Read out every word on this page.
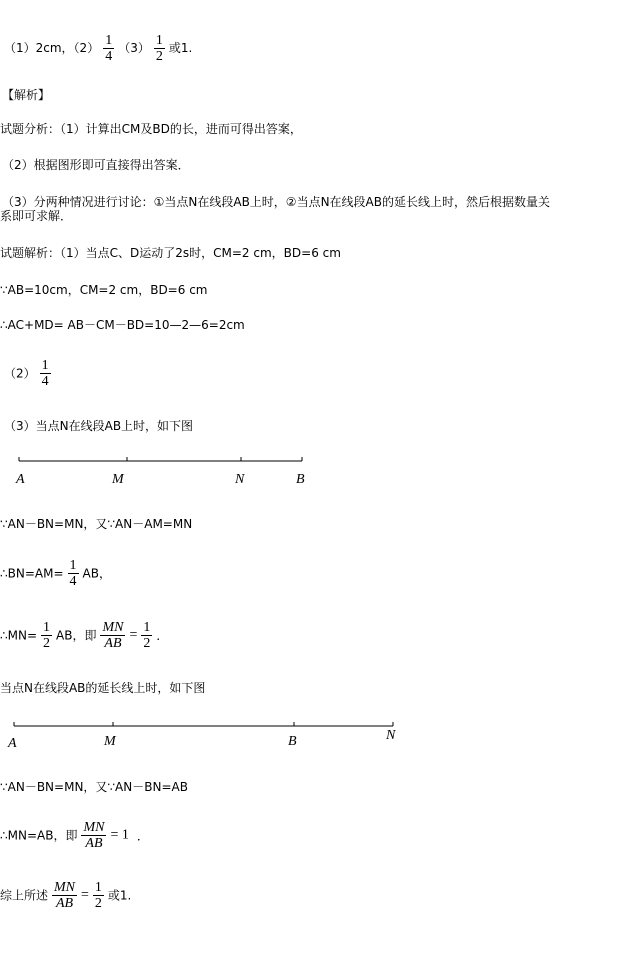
（1）2cm，$(2) \frac{1}{4} (3) \frac{1}{2}$ 或1.
【解析】
试题分析：（1）计算出CM及BD的长，进而可得出答案，
（2）根据图形即可直接得出答案．
（3）分两种情况进行讨论：①当点N在线段AB上时，②当点N在线段AB的延长线上时，然后根据数量关
系即可求解．
试题解析：（1）当点C、D运动了2s时，CM=2 cm，BD=6 cm
∵AB=10cm，CM=2 cm，BD=6 cm
∴AC+MD= AB－CM－BD=10—2—6=2cm
$(2) \frac{1}{4}$
（3）当点N在线段AB上时，如下图
A	M	N	B
∵AN－BN=MN，又∵AN－AM=MN
∴BN=AM= $\frac{1}{4}$ AB，
∴MN= $\frac{1}{2}$ AB，即 $\frac{MN}{AB} = \frac{1}{2}$ ．
当点N在线段AB的延长线上时，如下图
A	M	B	N
∵AN－BN=MN，又∵AN－BN=AB
∴MN=AB，即 $\frac{MN}{AB} = 1$ ．
综上所述 $\frac{MN}{AB} = \frac{1}{2}$ 或1.
